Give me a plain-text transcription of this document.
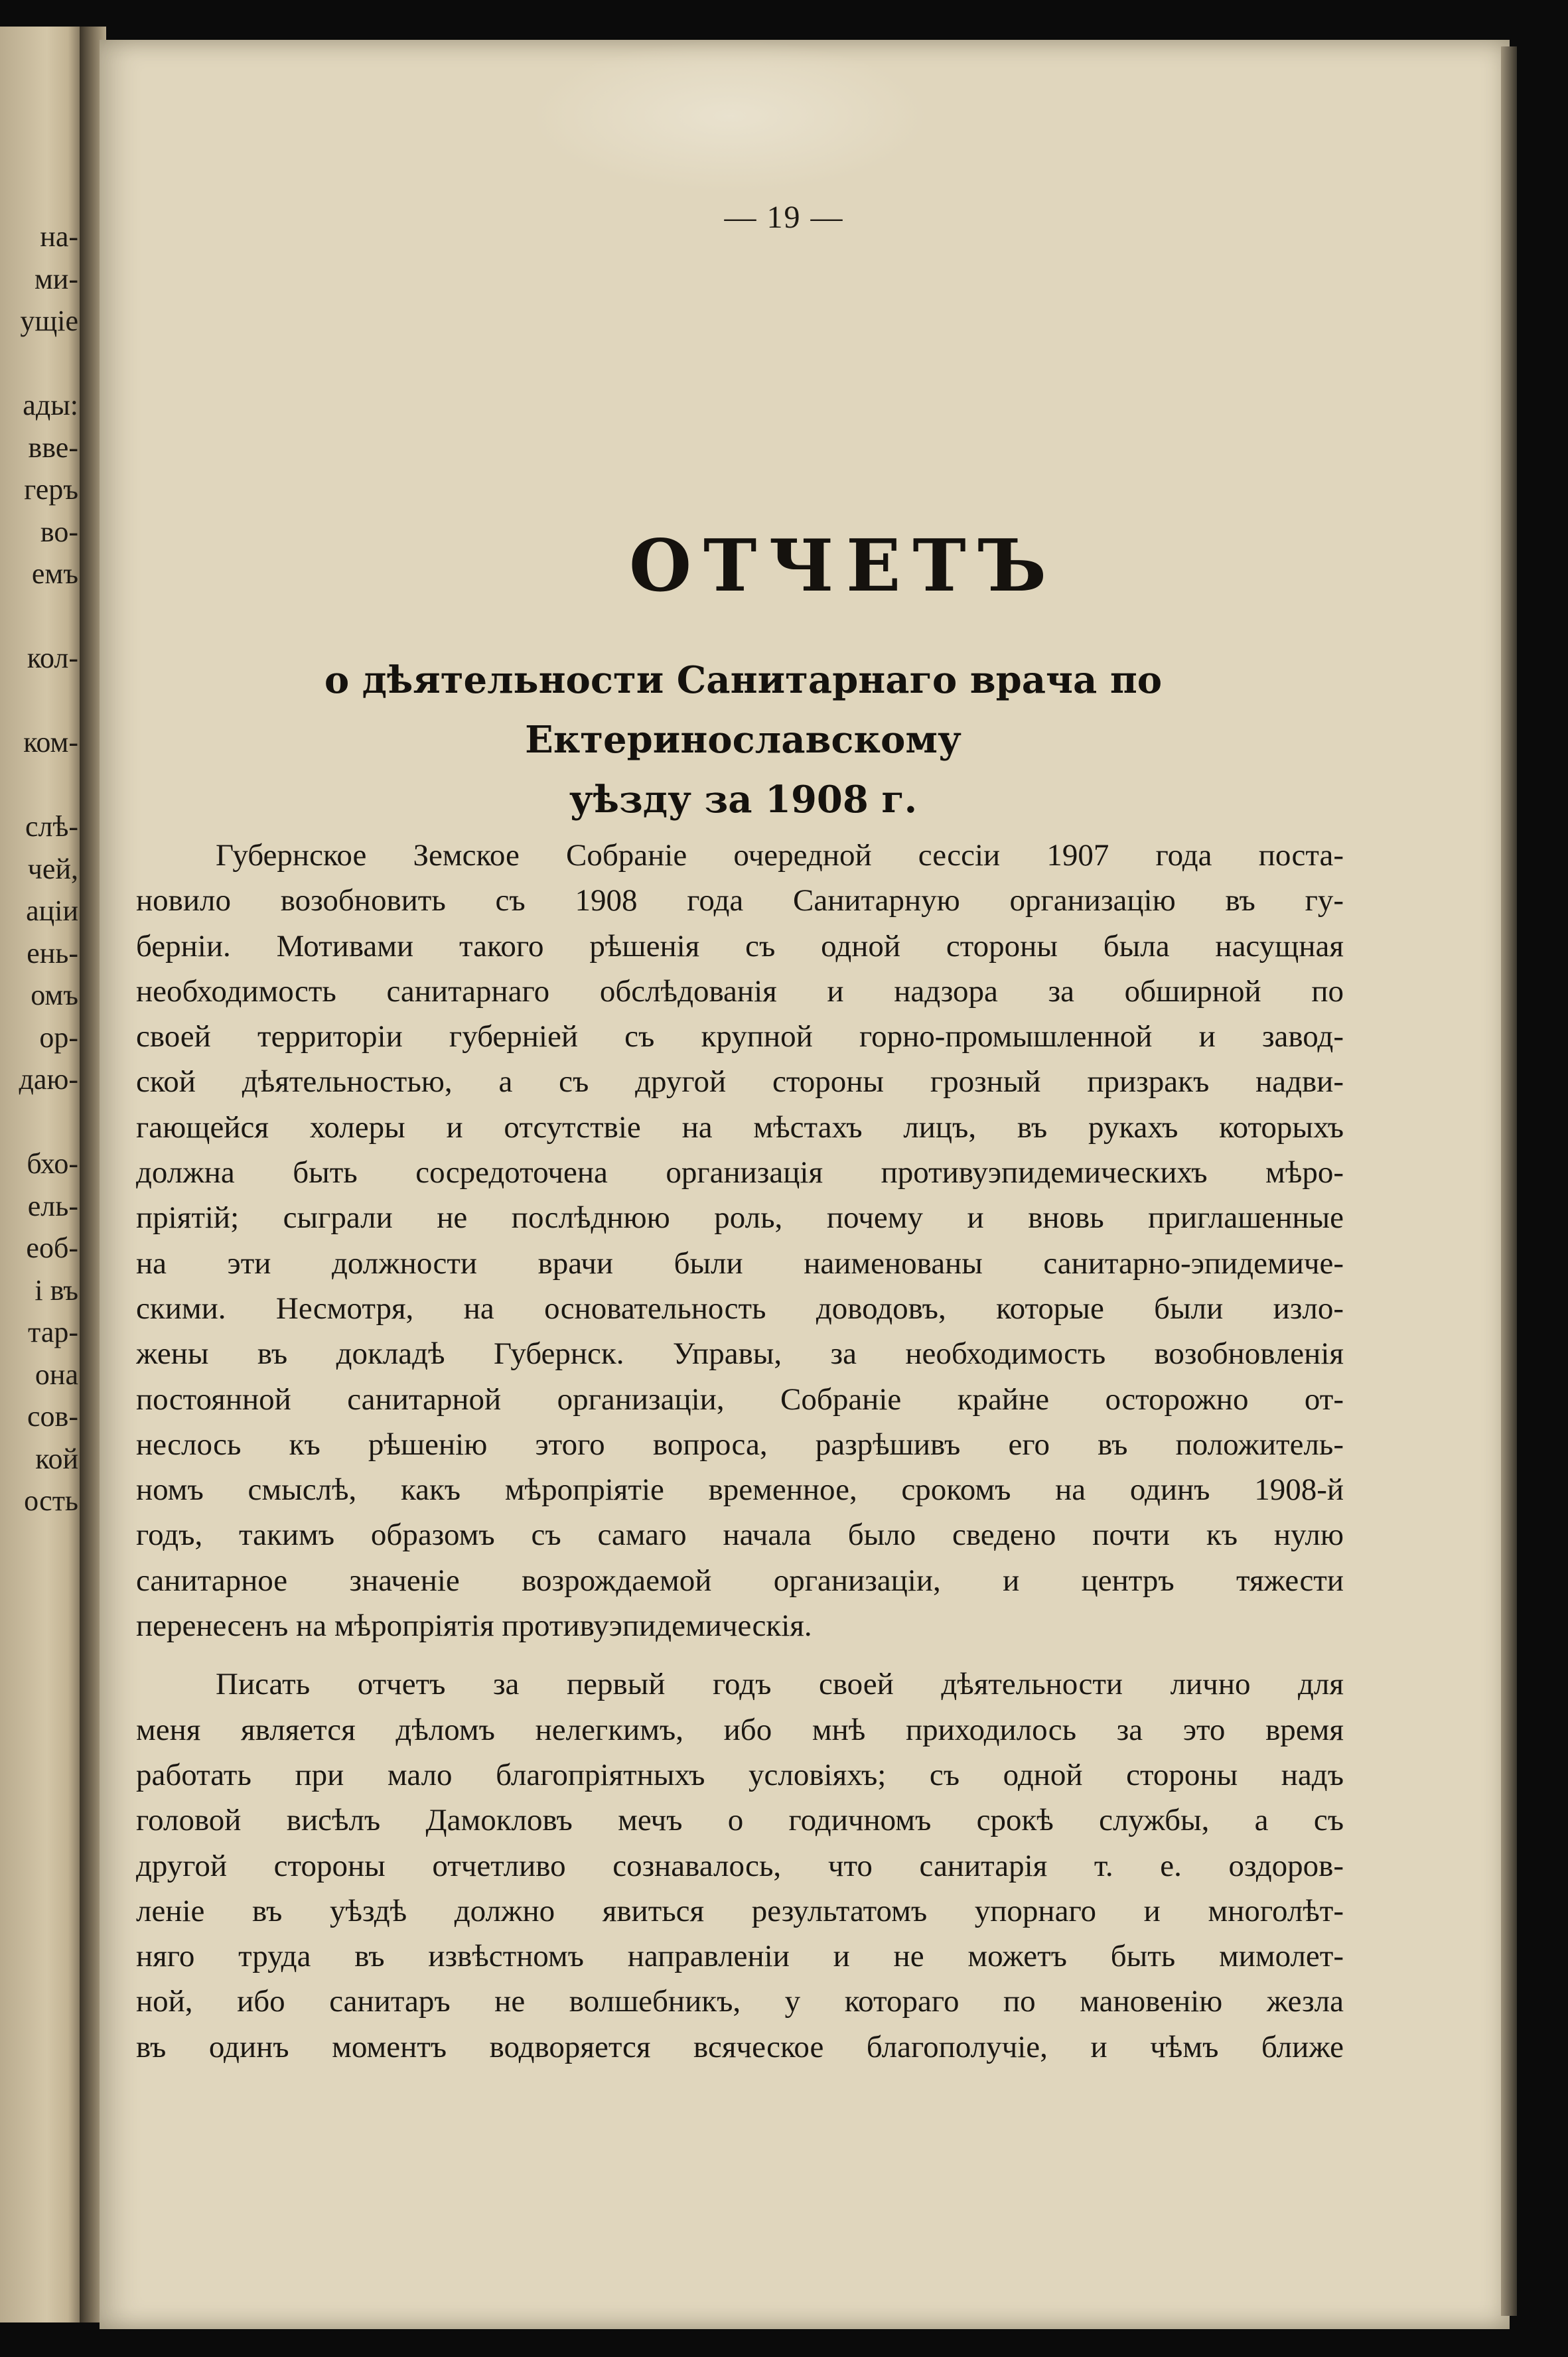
на-
ми-
ущіе
ады:
вве-
геръ
во-
емъ
кол-
ком-
слѣ-
чей,
аціи
ень-
омъ
ор-
даю-
бхо-
ель-
еоб-
і въ
тар-
она
сов-
кой
ость
— 19 —
ОТЧЕТЪ
о дѣятельности Санитарнаго врача по Ектеринославскому
уѣзду за 1908 г.
Губернское Земское Собраніе очередной сессіи 1907 года поста-
новило возобновить съ 1908 года Санитарную организацію въ гу-
берніи. Мотивами такого рѣшенія съ одной стороны была насущная
необходимость санитарнаго обслѣдованія и надзора за обширной по
своей территоріи губерніей съ крупной горно-промышленной и завод-
ской дѣятельностью, а съ другой стороны грозный призракъ надви-
гающейся холеры и отсутствіе на мѣстахъ лицъ, въ рукахъ которыхъ
должна быть сосредоточена организація противуэпидемическихъ мѣро-
пріятій; сыграли не послѣднюю роль, почему и вновь приглашенные
на эти должности врачи были наименованы санитарно-эпидемиче-
скими. Несмотря, на основательность доводовъ, которые были изло-
жены въ докладѣ Губернск. Управы, за необходимость возобновленія
постоянной санитарной организаціи, Собраніе крайне осторожно от-
неслось къ рѣшенію этого вопроса, разрѣшивъ его въ положитель-
номъ смыслѣ, какъ мѣропріятіе временное, срокомъ на одинъ 1908-й
годъ, такимъ образомъ съ самаго начала было сведено почти къ нулю
санитарное значеніе возрождаемой организаціи, и центръ тяжести
перенесенъ на мѣропріятія противуэпидемическія.
Писать отчетъ за первый годъ своей дѣятельности лично для
меня является дѣломъ нелегкимъ, ибо мнѣ приходилось за это время
работать при мало благопріятныхъ условіяхъ; съ одной стороны надъ
головой висѣлъ Дамокловъ мечъ о годичномъ срокѣ службы, а съ
другой стороны отчетливо сознавалось, что санитарія т. е. оздоров-
леніе въ уѣздѣ должно явиться результатомъ упорнаго и многолѣт-
няго труда въ извѣстномъ направленіи и не можетъ быть мимолет-
ной, ибо санитаръ не волшебникъ, у котораго по мановенію жезла
въ одинъ моментъ водворяется всяческое благополучіе, и чѣмъ ближе
